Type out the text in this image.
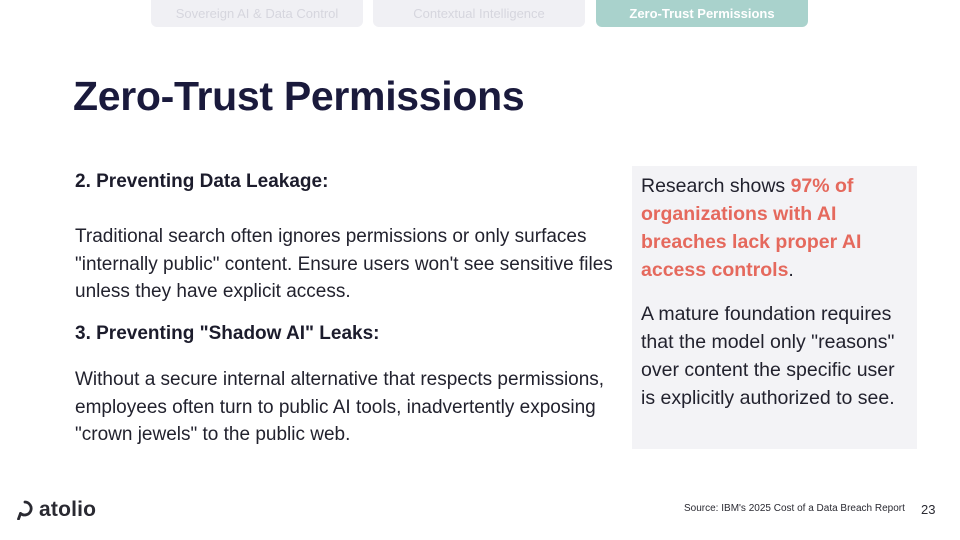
Sovereign AI & Data Control	Contextual Intelligence	Zero-Trust Permissions
Zero-Trust Permissions

2. Preventing Data Leakage:

Traditional search often ignores permissions or only surfaces "internally public" content. Ensure users won't see sensitive files unless they have explicit access.

3. Preventing "Shadow AI" Leaks:

Without a secure internal alternative that respects permissions, employees often turn to public AI tools, inadvertently exposing "crown jewels" to the public web.

Research shows 97% of organizations with AI breaches lack proper AI access controls.

A mature foundation requires that the model only "reasons" over content the specific user is explicitly authorized to see.

atolio	Source: IBM's 2025 Cost of a Data Breach Report 23
